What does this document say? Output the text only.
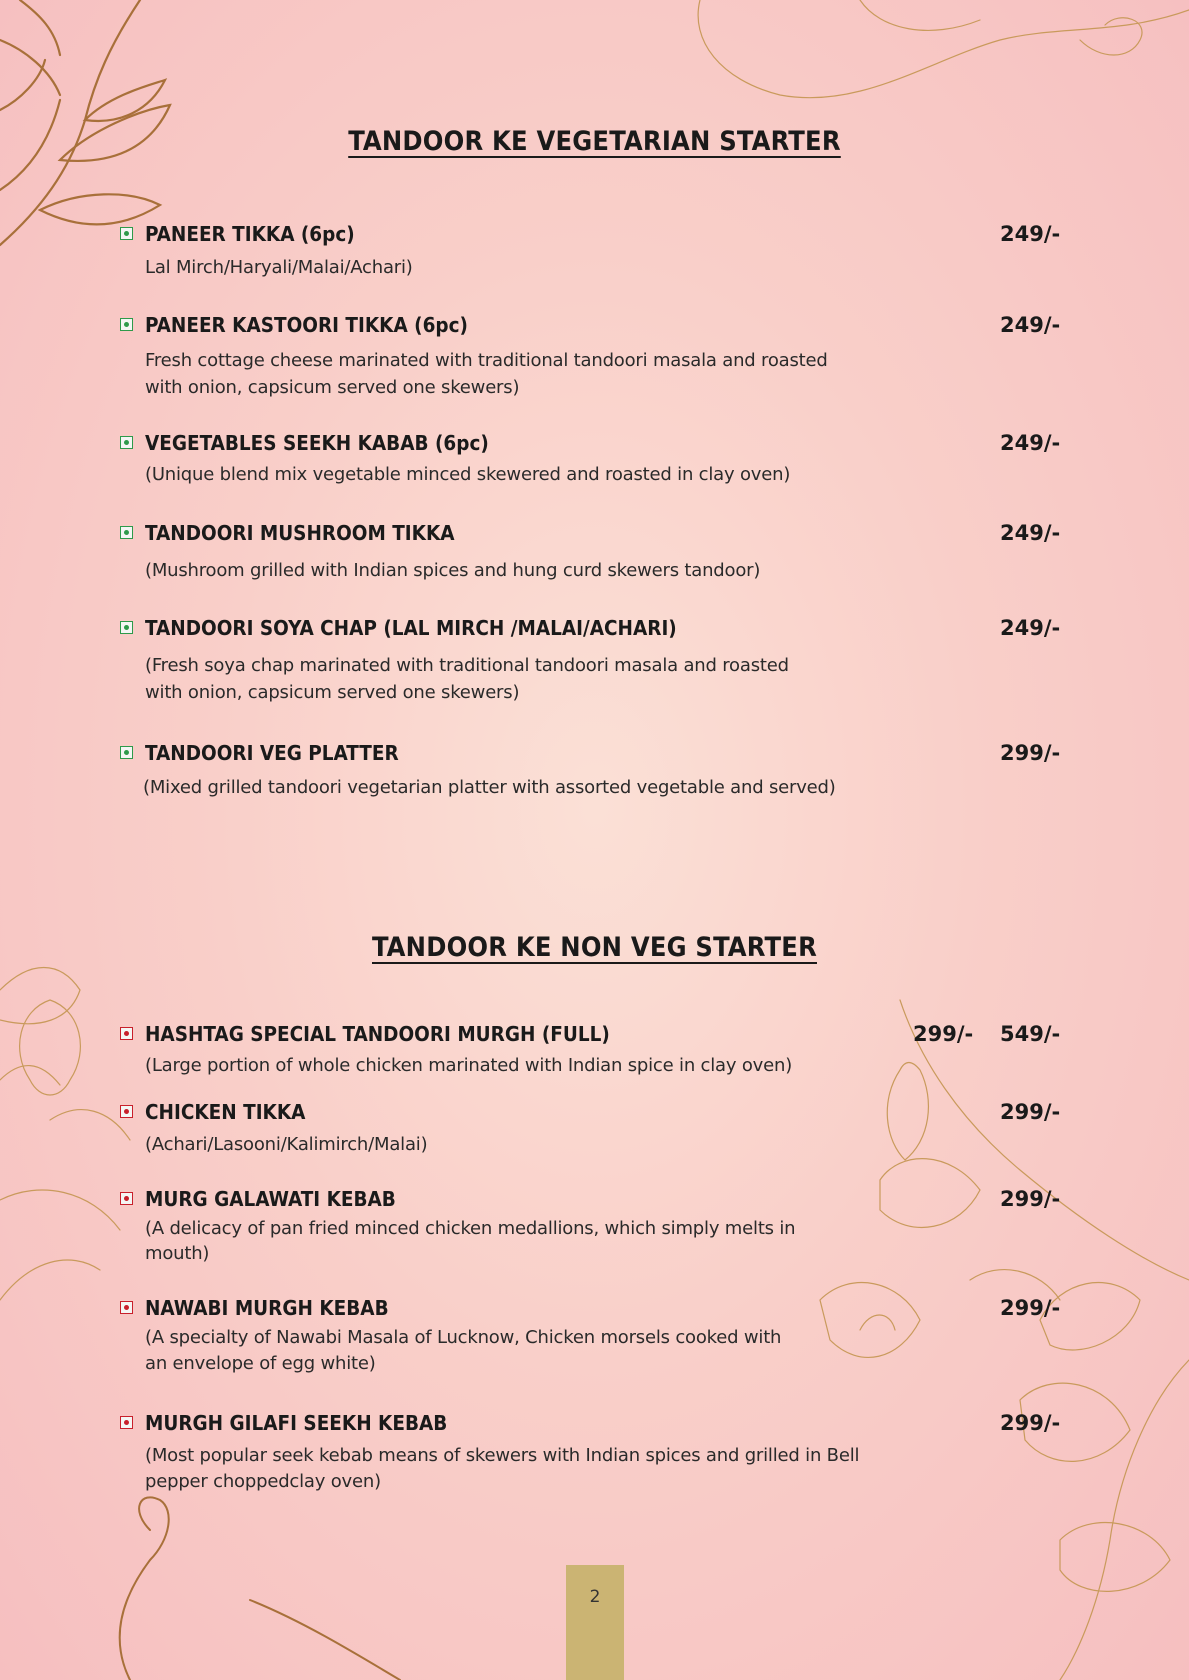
TANDOOR KE VEGETARIAN STARTER
PANEER TIKKA (6pc)	249/-
Lal Mirch/Haryali/Malai/Achari)
PANEER KASTOORI TIKKA (6pc)	249/-
Fresh cottage cheese marinated with traditional tandoori masala and roasted
with onion, capsicum served one skewers)
VEGETABLES SEEKH KABAB (6pc)	249/-
(Unique blend mix vegetable minced skewered and roasted in clay oven)
TANDOORI MUSHROOM TIKKA	249/-
(Mushroom grilled with Indian spices and hung curd skewers tandoor)
TANDOORI SOYA CHAP (LAL MIRCH /MALAI/ACHARI)	249/-
(Fresh soya chap marinated with traditional tandoori masala and roasted
with onion, capsicum served one skewers)
TANDOORI VEG PLATTER	299/-
(Mixed grilled tandoori vegetarian platter with assorted vegetable and served)
TANDOOR KE NON VEG STARTER
HASHTAG SPECIAL TANDOORI MURGH (FULL)	299/- 549/-
(Large portion of whole chicken marinated with Indian spice in clay oven)
CHICKEN TIKKA	299/-
(Achari/Lasooni/Kalimirch/Malai)
MURG GALAWATI KEBAB	299/-
(A delicacy of pan fried minced chicken medallions, which simply melts in
mouth)
NAWABI MURGH KEBAB	299/-
(A specialty of Nawabi Masala of Lucknow, Chicken morsels cooked with
an envelope of egg white)
MURGH GILAFI SEEKH KEBAB	299/-
(Most popular seek kebab means of skewers with Indian spices and grilled in Bell
pepper choppedclay oven)
2
